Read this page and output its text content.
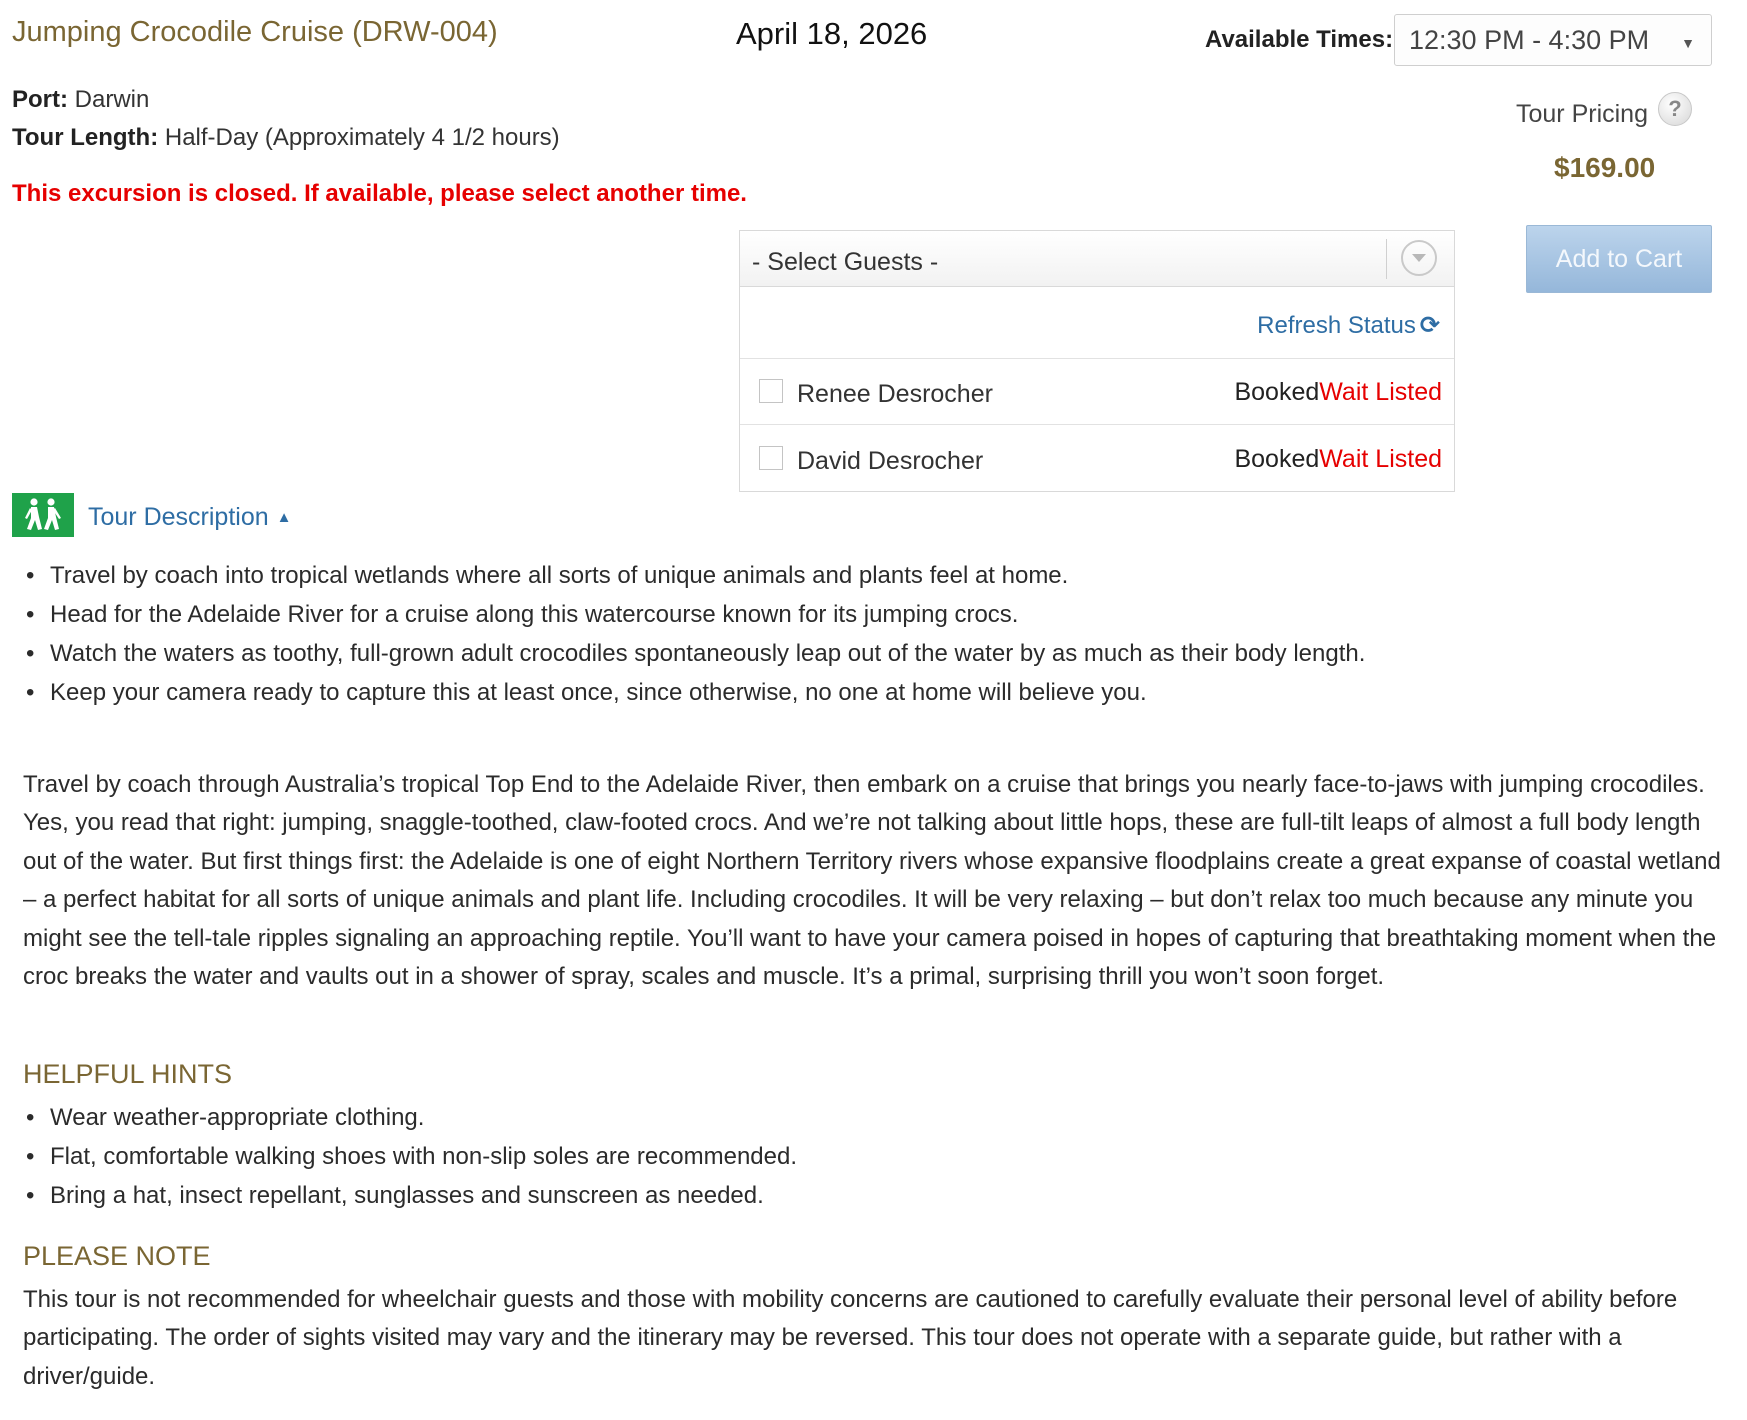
Jumping Crocodile Cruise (DRW-004)	April 18, 2026	Available Times: 12:30 PM - 4:30 PM ▼
Port: Darwin
Tour Length: Half-Day (Approximately 4 1/2 hours)
Tour Pricing ?
$169.00
This excursion is closed. If available, please select another time.
Add to Cart
- Select Guests -
Refresh Status ⟳
Renee Desrocher	BookedWait Listed
David Desrocher	BookedWait Listed
Tour Description ▲
• Travel by coach into tropical wetlands where all sorts of unique animals and plants feel at home.
• Head for the Adelaide River for a cruise along this watercourse known for its jumping crocs.
• Watch the waters as toothy, full-grown adult crocodiles spontaneously leap out of the water by as much as their body length.
• Keep your camera ready to capture this at least once, since otherwise, no one at home will believe you.
Travel by coach through Australia’s tropical Top End to the Adelaide River, then embark on a cruise that brings you nearly face-to-jaws with jumping crocodiles. Yes, you read that right: jumping, snaggle-toothed, claw-footed crocs. And we’re not talking about little hops, these are full-tilt leaps of almost a full body length out of the water. But first things first: the Adelaide is one of eight Northern Territory rivers whose expansive floodplains create a great expanse of coastal wetland – a perfect habitat for all sorts of unique animals and plant life. Including crocodiles. It will be very relaxing – but don’t relax too much because any minute you might see the tell-tale ripples signaling an approaching reptile. You’ll want to have your camera poised in hopes of capturing that breathtaking moment when the croc breaks the water and vaults out in a shower of spray, scales and muscle. It’s a primal, surprising thrill you won’t soon forget.
HELPFUL HINTS
• Wear weather-appropriate clothing.
• Flat, comfortable walking shoes with non-slip soles are recommended.
• Bring a hat, insect repellant, sunglasses and sunscreen as needed.
PLEASE NOTE
This tour is not recommended for wheelchair guests and those with mobility concerns are cautioned to carefully evaluate their personal level of ability before participating. The order of sights visited may vary and the itinerary may be reversed. This tour does not operate with a separate guide, but rather with a driver/guide.
